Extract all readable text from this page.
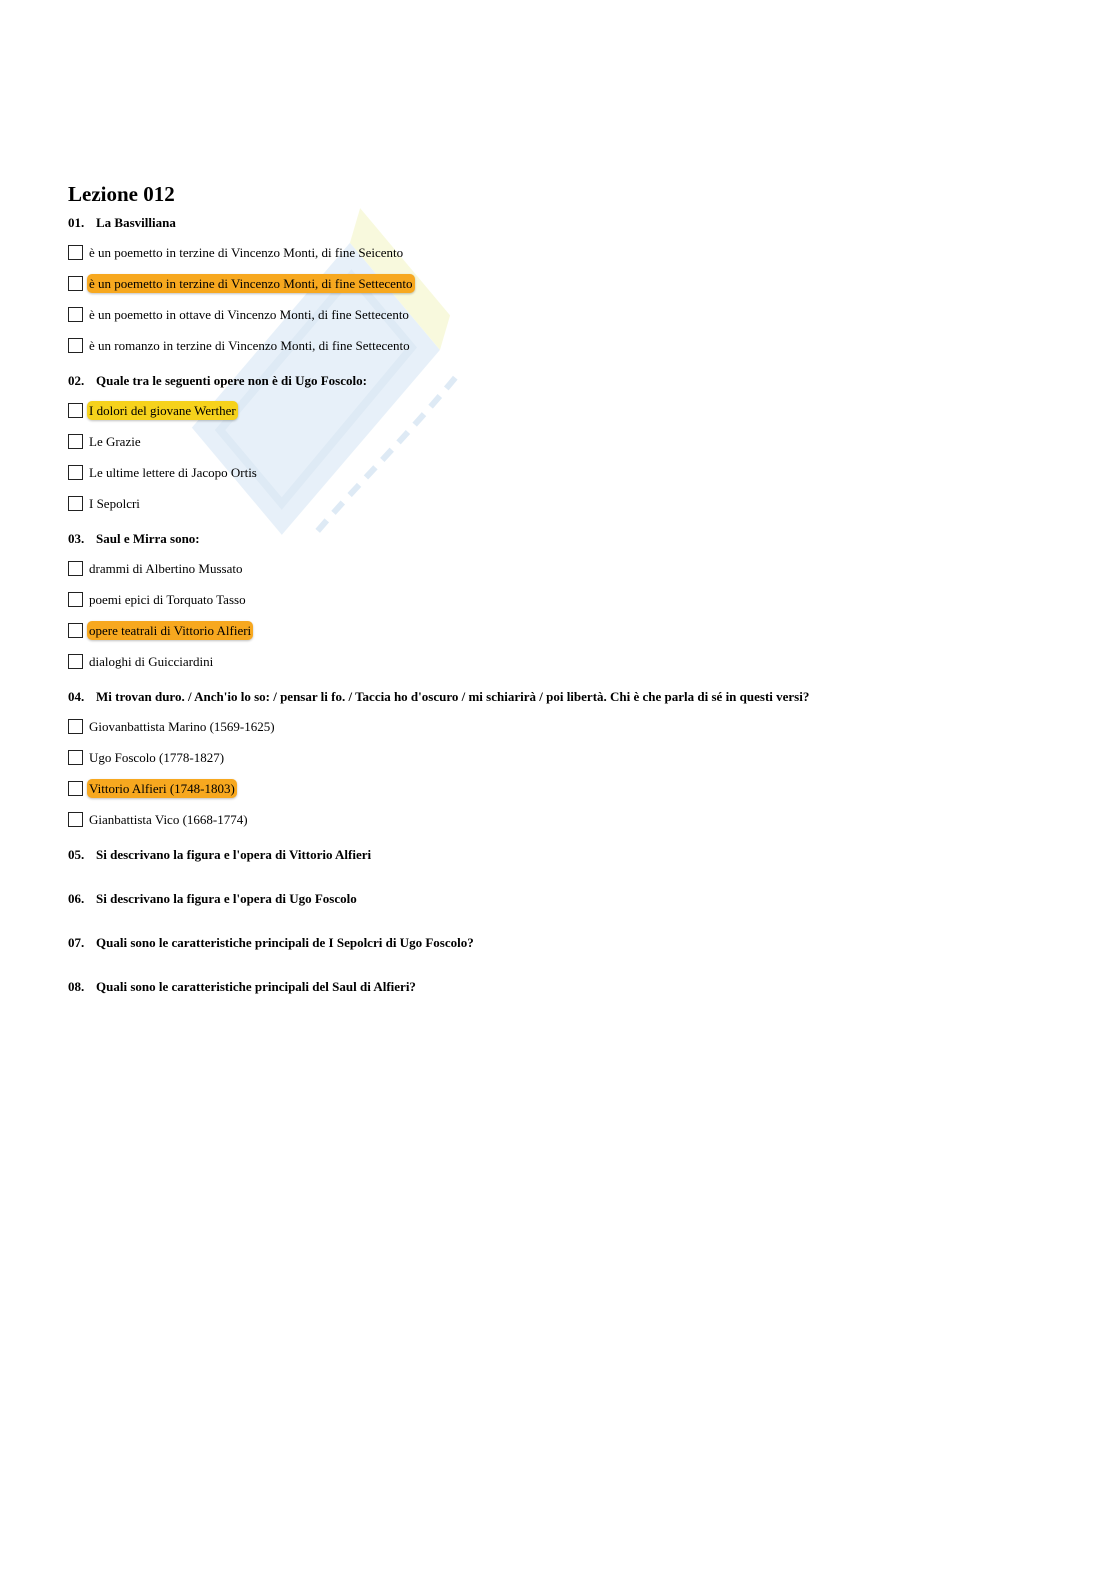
Lezione 012
01. La Basvilliana
è un poemetto in terzine di Vincenzo Monti, di fine Seicento
è un poemetto in terzine di Vincenzo Monti, di fine Settecento
è un poemetto in ottave di Vincenzo Monti, di fine Settecento
è un romanzo in terzine di Vincenzo Monti, di fine Settecento
02. Quale tra le seguenti opere non è di Ugo Foscolo:
I dolori del giovane Werther
Le Grazie
Le ultime lettere di Jacopo Ortis
I Sepolcri
03. Saul e Mirra sono:
drammi di Albertino Mussato
poemi epici di Torquato Tasso
opere teatrali di Vittorio Alfieri
dialoghi di Guicciardini
04. Mi trovan duro. / Anch'io lo so: / pensar li fo. / Taccia ho d'oscuro / mi schiarirà / poi libertà. Chi è che parla di sé in questi versi?
Giovanbattista Marino (1569-1625)
Ugo Foscolo (1778-1827)
Vittorio Alfieri (1748-1803)
Gianbattista Vico (1668-1774)
05. Si descrivano la figura e l'opera di Vittorio Alfieri
06. Si descrivano la figura e l'opera di Ugo Foscolo
07. Quali sono le caratteristiche principali de I Sepolcri di Ugo Foscolo?
08. Quali sono le caratteristiche principali del Saul di Alfieri?
